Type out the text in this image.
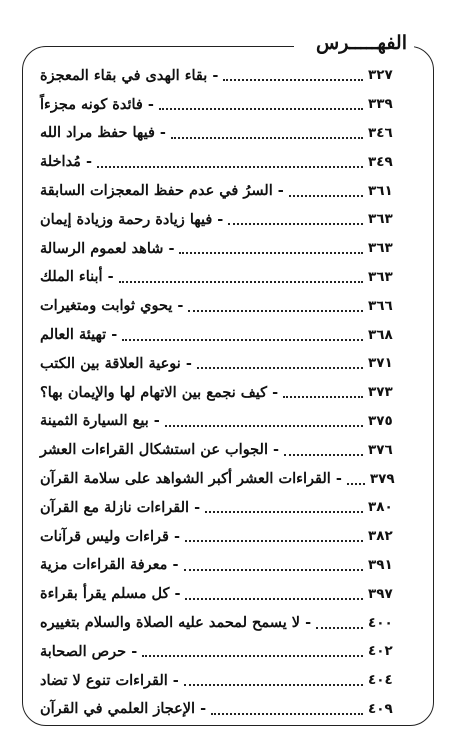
الفهـــــرس
- بقاء الهدى في بقاء المعجزة	٣٢٧
- فائدة كونه مجزءاً	٣٣٩
- فيها حفظ مراد الله	٣٤٦
- مُداخلة	٣٤٩
- السرُ في عدم حفظ المعجزات السابقة	٣٦١
- فيها زيادة رحمة وزيادة إيمان	٣٦٣
- شاهد لعموم الرسالة	٣٦٣
- أبناء الملك	٣٦٣
- يحوي ثوابت ومتغيرات	٣٦٦
- تهيئة العالم	٣٦٨
- نوعية العلاقة بين الكتب	٣٧١
- كيف نجمع بين الاتهام لها والإيمان بها؟	٣٧٣
- بيع السيارة الثمينة	٣٧٥
- الجواب عن استشكال القراءات العشر	٣٧٦
- القراءات العشر أكبر الشواهد على سلامة القرآن ٣٧٩
- القراءات نازلة مع القرآن	٣٨٠
- قراءات وليس قرآنات	٣٨٢
- معرفة القراءات مزية	٣٩١
- كل مسلم يقرأ بقراءة	٣٩٧
- لا يسمح لمحمد عليه الصلاة والسلام بتغييره	٤٠٠
- حرص الصحابة	٤٠٢
- القراءات تنوع لا تضاد	٤٠٤
- الإعجاز العلمي في القرآن	٤٠٩
